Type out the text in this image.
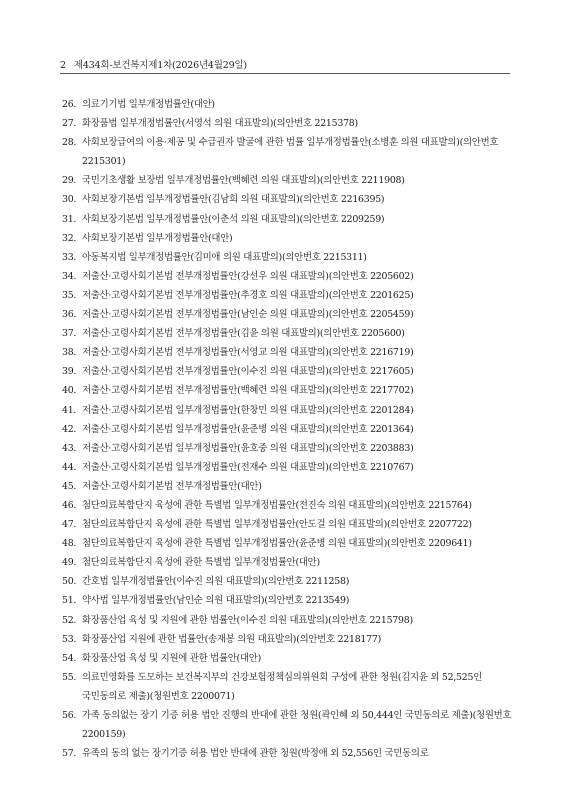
2 제434회-보건복지제1차(2026년4월29일)
26. 의료기기법 일부개정법률안(대안)
27. 화장품법 일부개정법률안(서영석 의원 대표발의)(의안번호 2215378)
28. 사회보장급여의 이용·제공 및 수급권자 발굴에 관한 법률 일부개정법률안(소병훈 의원 대표발의)(의안번호 2215301)
29. 국민기초생활 보장법 일부개정법률안(백혜련 의원 대표발의)(의안번호 2211908)
30. 사회보장기본법 일부개정법률안(김남희 의원 대표발의)(의안번호 2216395)
31. 사회보장기본법 일부개정법률안(이춘석 의원 대표발의)(의안번호 2209259)
32. 사회보장기본법 일부개정법률안(대안)
33. 아동복지법 일부개정법률안(김미애 의원 대표발의)(의안번호 2215311)
34. 저출산·고령사회기본법 전부개정법률안(강선우 의원 대표발의)(의안번호 2205602)
35. 저출산·고령사회기본법 전부개정법률안(추경호 의원 대표발의)(의안번호 2201625)
36. 저출산·고령사회기본법 전부개정법률안(남인순 의원 대표발의)(의안번호 2205459)
37. 저출산·고령사회기본법 전부개정법률안(김윤 의원 대표발의)(의안번호 2205600)
38. 저출산·고령사회기본법 전부개정법률안(서영교 의원 대표발의)(의안번호 2216719)
39. 저출산·고령사회기본법 전부개정법률안(이수진 의원 대표발의)(의안번호 2217605)
40. 저출산·고령사회기본법 전부개정법률안(백혜련 의원 대표발의)(의안번호 2217702)
41. 저출산·고령사회기본법 일부개정법률안(한창민 의원 대표발의)(의안번호 2201284)
42. 저출산·고령사회기본법 일부개정법률안(윤준병 의원 대표발의)(의안번호 2201364)
43. 저출산·고령사회기본법 일부개정법률안(윤호중 의원 대표발의)(의안번호 2203883)
44. 저출산·고령사회기본법 일부개정법률안(전재수 의원 대표발의)(의안번호 2210767)
45. 저출산·고령사회기본법 전부개정법률안(대안)
46. 첨단의료복합단지 육성에 관한 특별법 일부개정법률안(전진숙 의원 대표발의)(의안번호 2215764)
47. 첨단의료복합단지 육성에 관한 특별법 일부개정법률안(안도걸 의원 대표발의)(의안번호 2207722)
48. 첨단의료복합단지 육성에 관한 특별법 일부개정법률안(윤준병 의원 대표발의)(의안번호 2209641)
49. 첨단의료복합단지 육성에 관한 특별법 일부개정법률안(대안)
50. 간호법 일부개정법률안(이수진 의원 대표발의)(의안번호 2211258)
51. 약사법 일부개정법률안(남인순 의원 대표발의)(의안번호 2213549)
52. 화장품산업 육성 및 지원에 관한 법률안(이수진 의원 대표발의)(의안번호 2215798)
53. 화장품산업 지원에 관한 법률안(송재봉 의원 대표발의)(의안번호 2218177)
54. 화장품산업 육성 및 지원에 관한 법률안(대안)
55. 의료민영화를 도모하는 보건복지부의 건강보험정책심의위원회 구성에 관한 청원(김지윤 외 52,525인 국민동의로 제출)(청원번호 2200071)
56. 가족 동의없는 장기 기증 허용 법안 진행의 반대에 관한 청원(곽인혜 외 50,444인 국민동의로 제출)(청원번호 2200159)
57. 유족의 동의 없는 장기기증 허용 법안 반대에 관한 청원(박정애 외 52,556인 국민동의로
